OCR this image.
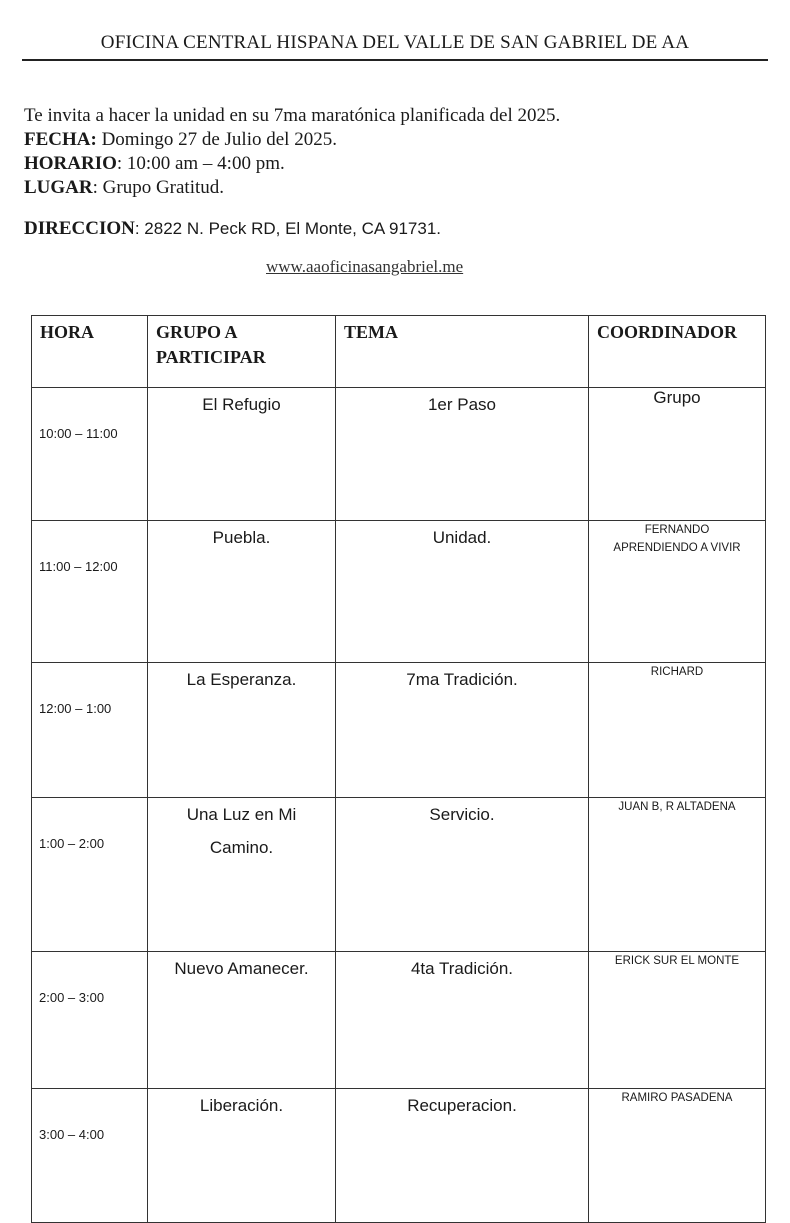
OFICINA CENTRAL HISPANA DEL VALLE DE SAN GABRIEL DE AA
Te invita a hacer la unidad en su 7ma maratónica planificada del 2025.
FECHA: Domingo 27 de Julio del 2025.
HORARIO: 10:00 am – 4:00 pm.
LUGAR: Grupo Gratitud.
DIRECCION: 2822 N. Peck RD, El Monte, CA 91731.
www.aaoficinasangabriel.me
HORA	GRUPO A
PARTICIPAR	TEMA	COORDINADOR
10:00 – 11:00	El Refugio	1er Paso	Grupo
11:00 – 12:00	Puebla.	Unidad.	FERNANDO
APRENDIENDO A VIVIR

12:00 – 1:00	La Esperanza.	7ma Tradición.	RICHARD
1:00 – 2:00	Una Luz en Mi
Camino.	Servicio.	JUAN B, R ALTADENA
2:00 – 3:00	Nuevo Amanecer.	4ta Tradición.	ERICK SUR EL MONTE
3:00 – 4:00	Liberación.	Recuperacion.	RAMIRO PASADENA
